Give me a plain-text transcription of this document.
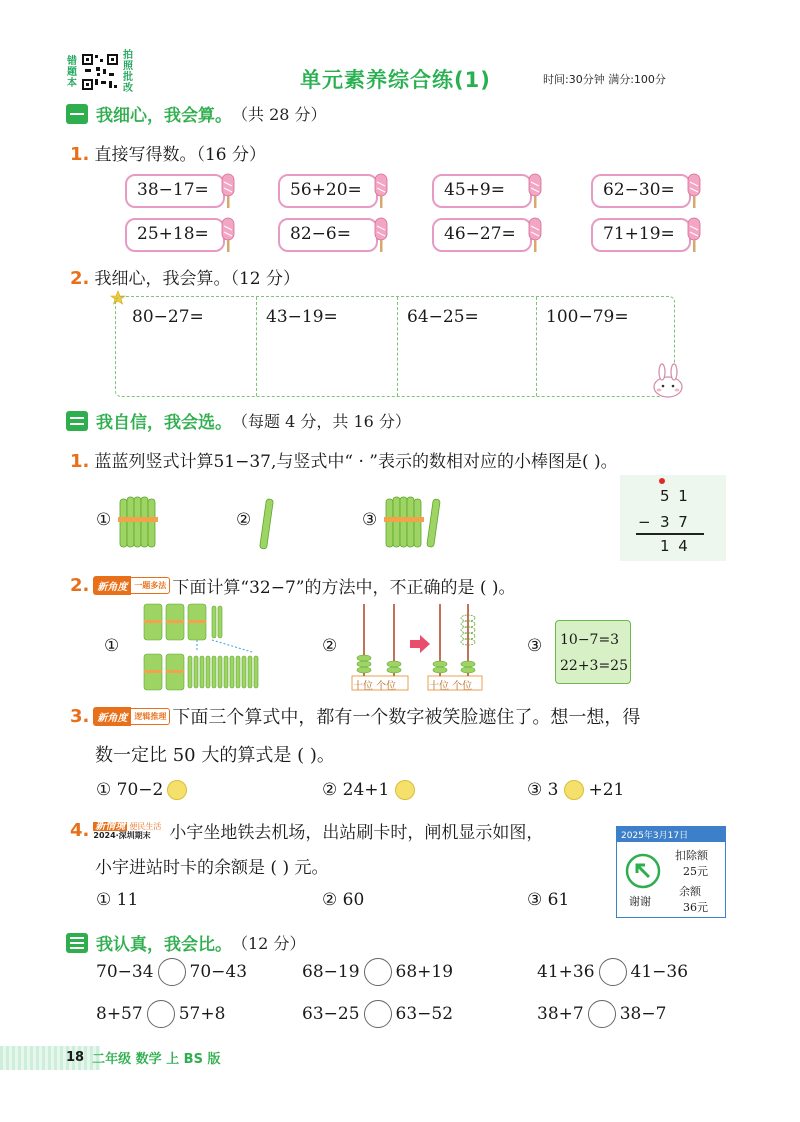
错题本
拍照批改	单元素养综合练(1)	时间:30分钟 满分:100分
我细心，我会算。 （共 28 分）
1. 直接写得数。（16 分）
38−17=	56+20=	45+9=	62−30=
25+18=	82−6=	46−27=	71+19=
2. 我细心，我会算。（12 分）
80−27=	43−19=	64−25=	100−79=
我自信，我会选。 （每题 4 分，共 16 分）
1. 蓝蓝列竖式计算51−37,与竖式中“ · ”表示的数相对应的小棒图是( )。
①	②	③
5 1
− 3 7
1 4
2. 新角度 一题多法 下面计算“32−7”的方法中，不正确的是 ( )。
①	②
十位 个位	十位 个位
③ 10−7=3
22+3=25
3. 新角度 逻辑推理 下面三个算式中，都有一个数字被笑脸遮住了。想一想，得
数一定比 50 大的算式是 ( )。
① 70−2	② 24+1	③ 3 +21
4. 新情境 便民生活
2024·深圳期末	小宇坐地铁去机场，出站刷卡时，闸机显示如图，
小宇进站时卡的余额是 ( ) 元。
① 11	② 60	③ 61
2025年3月17日
谢谢
扣除额
25元
余额
36元
我认真，我会比。 （12 分）
70−34 70−43	68−19 68+19	41+36 41−36
8+57 57+8	63−25 63−52	38+7 38−7
18 二年级 数学 上 BS 版
